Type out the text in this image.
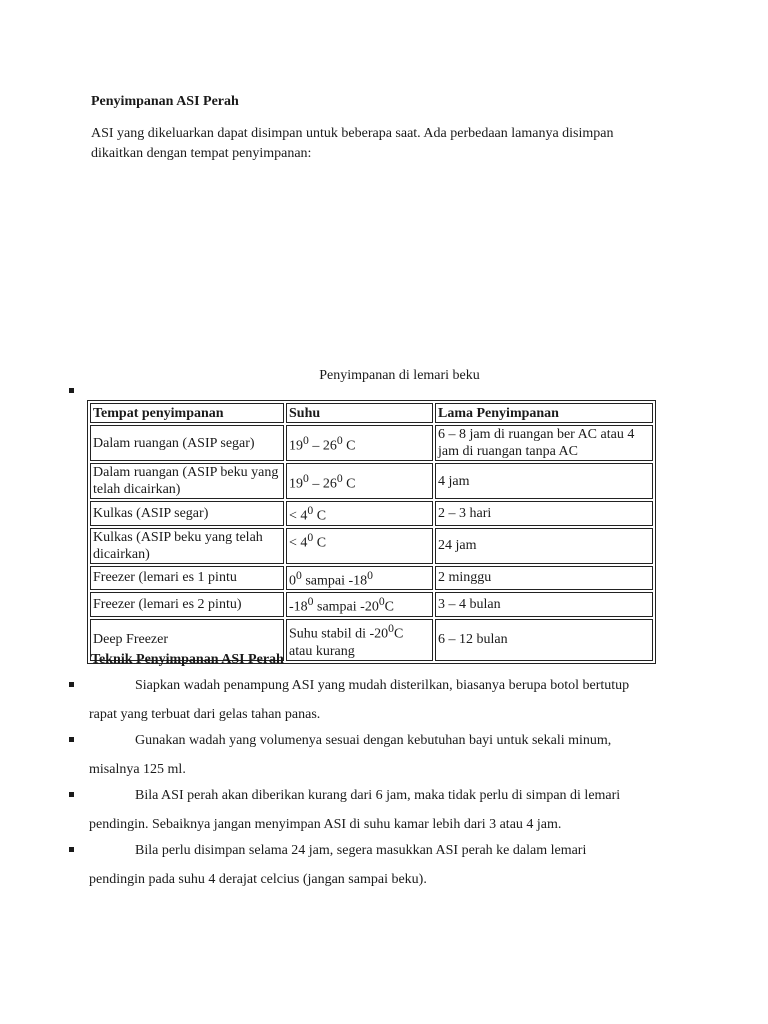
Penyimpanan ASI Perah
ASI yang dikeluarkan dapat disimpan untuk beberapa saat. Ada perbedaan lamanya disimpan
dikaitkan dengan tempat penyimpanan:
Penyimpanan di lemari beku
Tempat penyimpanan	Suhu	Lama Penyimpanan
Dalam ruangan (ASIP segar)	$19^0 - 26^0$ C	6 – 8 jam di ruangan ber AC atau 4 jam di ruangan tanpa AC
Dalam ruangan (ASIP beku yang telah dicairkan)	$19^0 - 26^0$ C	4 jam
Kulkas (ASIP segar)	< $4^0$ C	2 – 3 hari
Kulkas (ASIP beku yang telah dicairkan)	< $4^0$ C	24 jam
Freezer (lemari es 1 pintu	$0^0$ sampai $-18^0$	2 minggu
Freezer (lemari es 2 pintu)	$-18^0$ sampai $-20^0C$	3 – 4 bulan
Deep Freezer	Suhu stabil di $-20^0C$ atau kurang	6 – 12 bulan
Teknik Penyimpanan ASI Perah
Siapkan wadah penampung ASI yang mudah disterilkan, biasanya berupa botol bertutup
rapat yang terbuat dari gelas tahan panas.
Gunakan wadah yang volumenya sesuai dengan kebutuhan bayi untuk sekali minum,
misalnya 125 ml.
Bila ASI perah akan diberikan kurang dari 6 jam, maka tidak perlu di simpan di lemari
pendingin. Sebaiknya jangan menyimpan ASI di suhu kamar lebih dari 3 atau 4 jam.
Bila perlu disimpan selama 24 jam, segera masukkan ASI perah ke dalam lemari
pendingin pada suhu 4 derajat celcius (jangan sampai beku).
